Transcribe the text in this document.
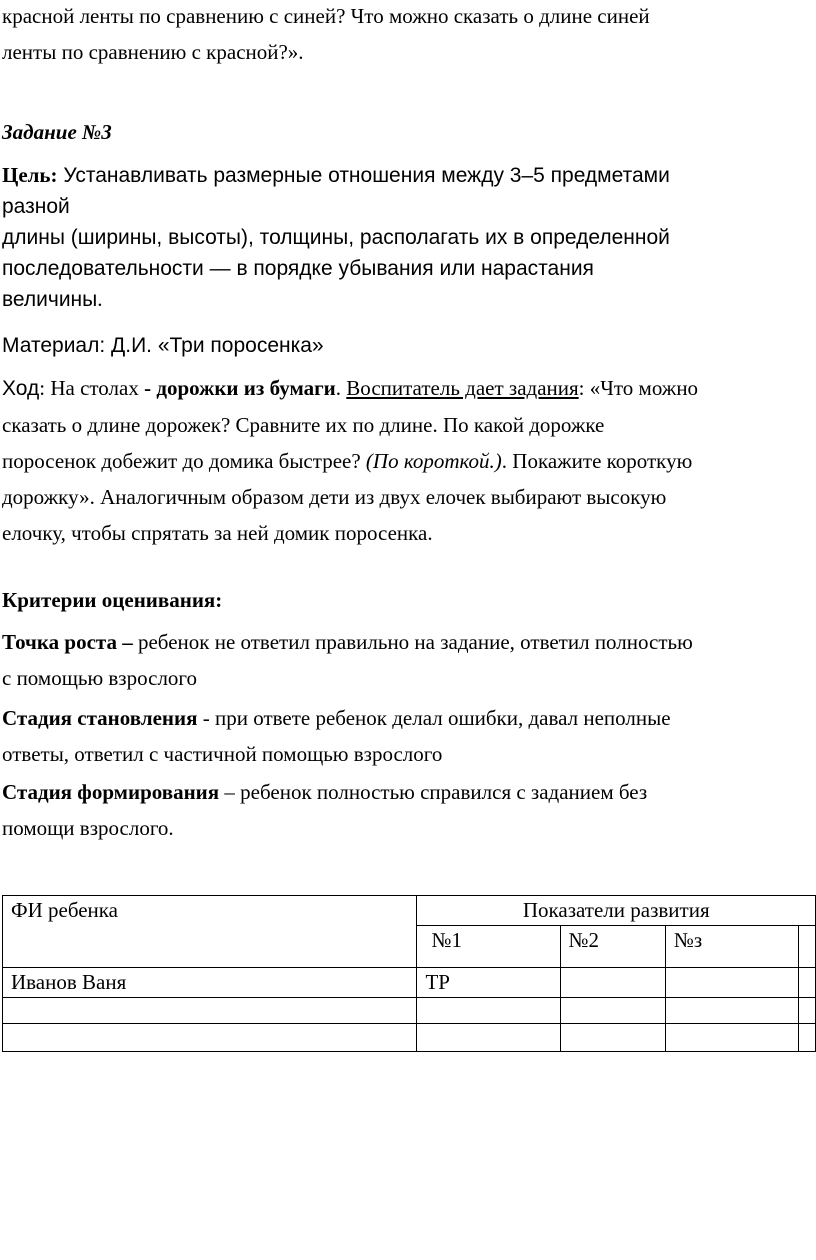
красной ленты по сравнению с синей? Что можно сказать о длине синей
ленты по сравнению с красной?».

Задание №3

Цель: Устанавливать размерные отношения между 3–5 предметами
разной
длины (ширины, высоты), толщины, располагать их в определенной
последовательности — в порядке убывания или нарастания
величины.

Материал: Д.И. «Три поросенка»

Ход: На столах - дорожки из бумаги. Воспитатель дает задания: «Что можно
сказать о длине дорожек? Сравните их по длине. По какой дорожке
поросенок добежит до домика быстрее? (По короткой.). Покажите короткую
дорожку». Аналогичным образом дети из двух елочек выбирают высокую
елочку, чтобы спрятать за ней домик поросенка.

Критерии оценивания:

Точка роста – ребенок не ответил правильно на задание, ответил полностью
с помощью взрослого

Стадия становления - при ответе ребенок делал ошибки, давал неполные
ответы, ответил с частичной помощью взрослого

Стадия формирования – ребенок полностью справился с заданием без
помощи взрослого.

ФИ ребенка	Показатели развития			
	№1	№2	№з	
Иванов Ваня	ТР			
